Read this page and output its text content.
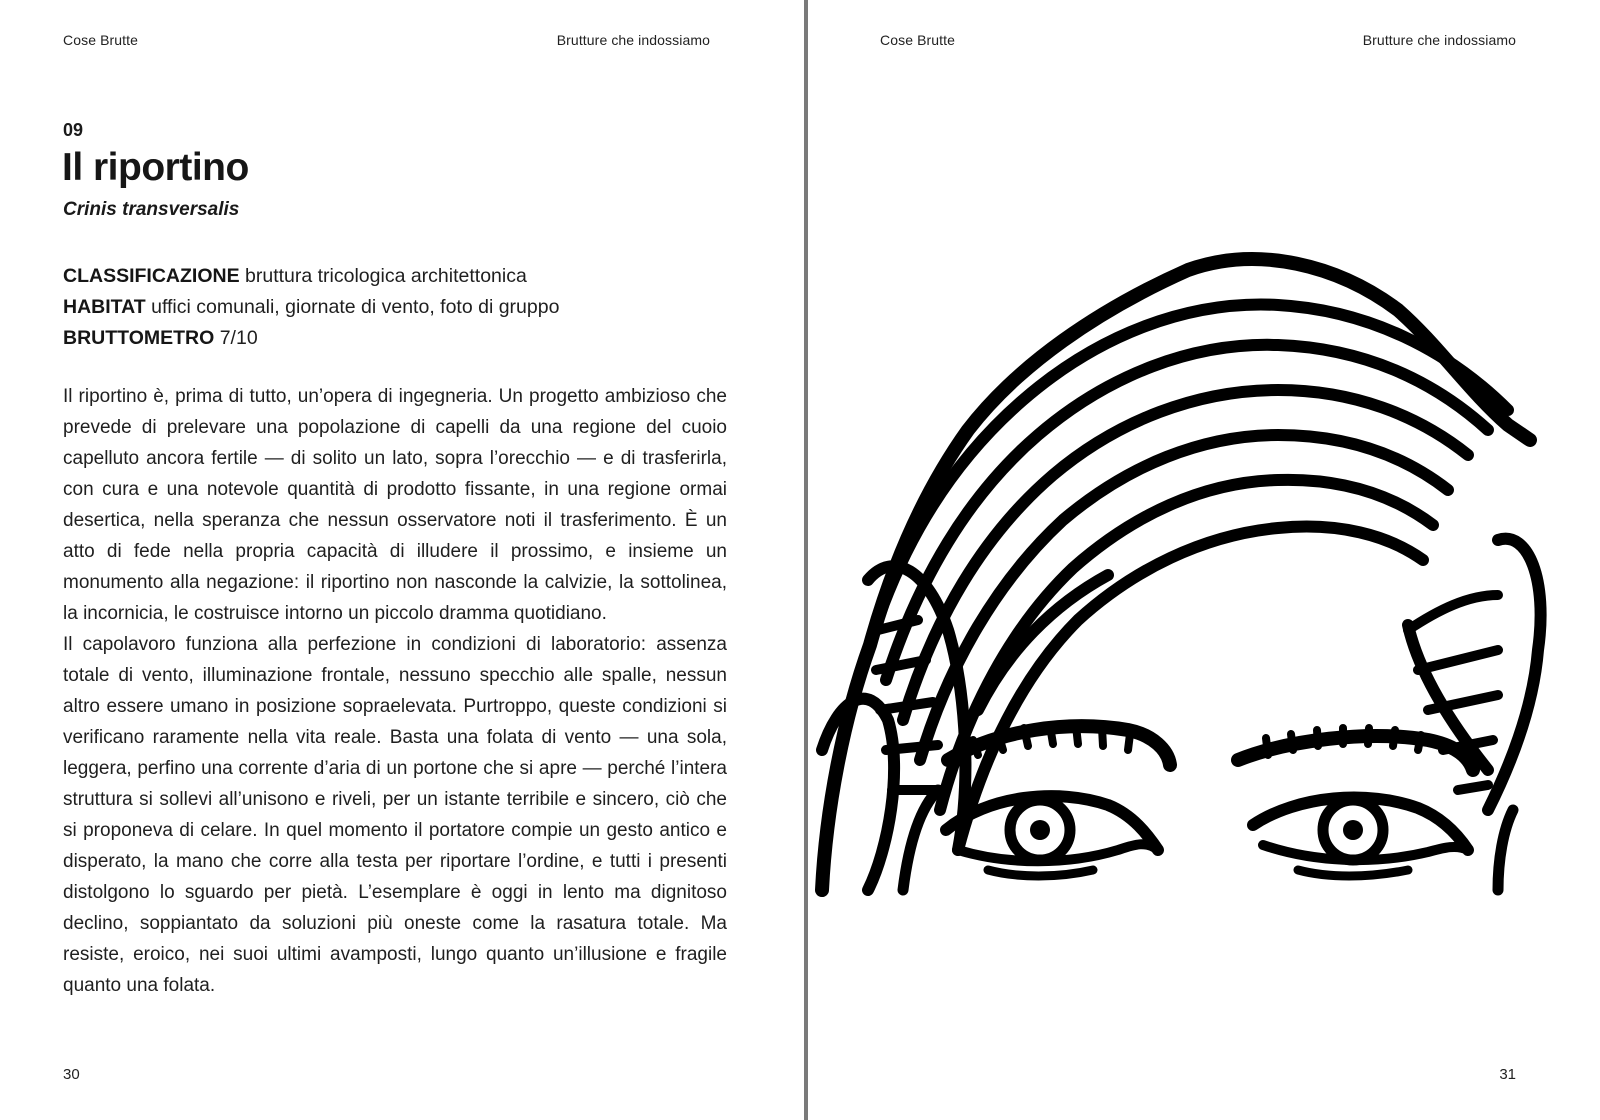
Cose Brutte	Brutture che indossiamo
09
Il riportino
Crinis transversalis
CLASSIFICAZIONE bruttura tricologica architettonica
HABITAT uffici comunali, giornate di vento, foto di gruppo
BRUTTOMETRO 7/10

Il riportino è, prima di tutto, un’opera di ingegneria. Un progetto ambizioso che prevede di prelevare una popolazione di capelli da una regione del cuoio capelluto ancora fertile — di solito un lato, sopra l’orecchio — e di trasferirla, con cura e una notevole quantità di prodotto fissante, in una regione ormai desertica, nella speranza che nessun osservatore noti il trasferimento. È un atto di fede nella propria capacità di illudere il prossimo, e insieme un monumento alla negazione: il riportino non nasconde la calvizie, la sottolinea, la incornicia, le costruisce intorno un piccolo dramma quotidiano.

Il capolavoro funziona alla perfezione in condizioni di laboratorio: assenza totale di vento, illuminazione frontale, nessuno specchio alle spalle, nessun altro essere umano in posizione sopraelevata. Purtroppo, queste condizioni si verificano raramente nella vita reale. Basta una folata di vento — una sola, leggera, perfino una corrente d’aria di un portone che si apre — perché l’intera struttura si sollevi all’unisono e riveli, per un istante terribile e sincero, ciò che si proponeva di celare. In quel momento il portatore compie un gesto antico e disperato, la mano che corre alla testa per riportare l’ordine, e tutti i presenti distolgono lo sguardo per pietà. L’esemplare è oggi in lento ma dignitoso declino, soppiantato da soluzioni più oneste come la rasatura totale. Ma resiste, eroico, nei suoi ultimi avamposti, lungo quanto un’illusione e fragile quanto una folata.

30
Cose Brutte	Brutture che indossiamo
31
